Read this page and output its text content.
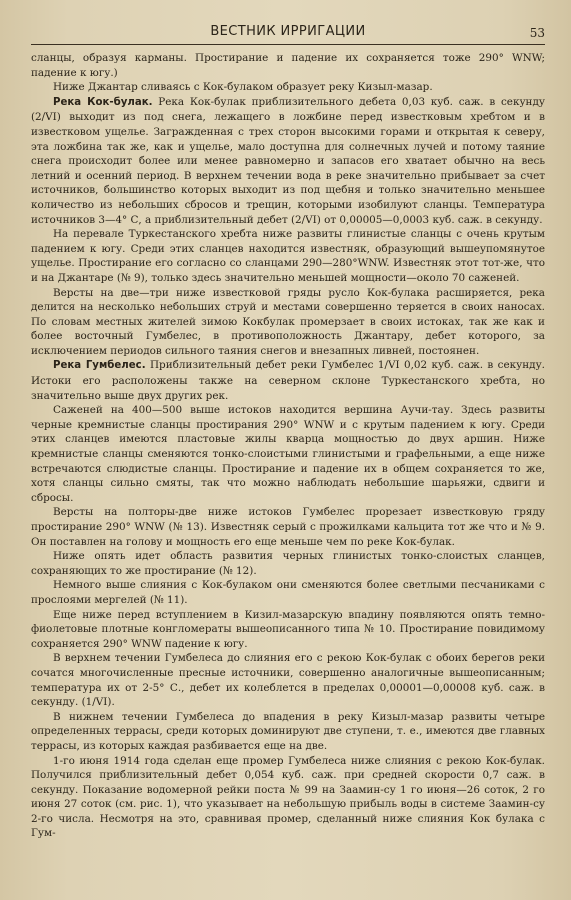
ВЕСТНИК ИРРИГАЦИИ	53

сланцы, образуя карманы. Простирание и падение их сохраняется тоже 290° WNW; падение к югу.)

Ниже Джантар сливаясь с Кок-булаком образует реку Кизыл-мазар.

Река Кок-булак. Река Кок-булак приблизительного дебета 0,03 куб. саж. в секунду (2/VI) выходит из под снега, лежащего в ложбине перед известковым хребтом и в известковом ущелье. Загражденная с трех сторон высокими горами и открытая к северу, эта ложбина так же, как и ущелье, мало доступна для солнечных лучей и потому таяние снега происходит более или менее равномерно и запасов его хватает обычно на весь летний и осенний период. В верхнем течении вода в реке значительно прибывает за счет источников, большинство которых выходит из под щебня и только значительно меньшее количество из небольших сбросов и трещин, которыми изобилуют сланцы. Температура источников 3—4° С, а приблизительный дебет (2/VI) от 0,00005—0,0003 куб. саж. в секунду.

На перевале Туркестанского хребта ниже развиты глинистые сланцы с очень крутым падением к югу. Среди этих сланцев находится известняк, образующий вышеупомянутое ущелье. Простирание его согласно со сланцами 290—280°WNW. Известняк этот тот-же, что и на Джантаре (№ 9), только здесь значительно меньшей мощности—около 70 саженей.

Версты на две—три ниже известковой гряды русло Кок-булака расширяется, река делится на несколько небольших струй и местами совершенно теряется в своих наносах. По словам местных жителей зимою Кокбулак промерзает в своих истоках, так же как и более восточный Гумбелес, в противоположность Джантару, дебет которого, за исключением периодов сильного таяния снегов и внезапных ливней, постоянен.

Река Гумбелес. Приблизительный дебет реки Гумбелес 1/VI 0,02 куб. саж. в секунду. Истоки его расположены также на северном склоне Туркестанского хребта, но значительно выше двух других рек.

Саженей на 400—500 выше истоков находится вершина Аучи-тау. Здесь развиты черные кремнистые сланцы простирания 290° WNW и с крутым падением к югу. Среди этих сланцев имеются пластовые жилы кварца мощностью до двух аршин. Ниже кремнистые сланцы сменяются тонко-слоистыми глинистыми и графельными, а еще ниже встречаются слюдистые сланцы. Простирание и падение их в общем сохраняется то же, хотя сланцы сильно смяты, так что можно наблюдать небольшие шарьяжи, сдвиги и сбросы.

Версты на полторы-две ниже истоков Гумбелес прорезает известковую гряду простирание 290° WNW (№ 13). Известняк серый с прожилками кальцита тот же что и № 9. Он поставлен на голову и мощность его еще меньше чем по реке Кок-булак.

Ниже опять идет область развития черных глинистых тонко-слоистых сланцев, сохраняющих то же простирание (№ 12).

Немного выше слияния с Кок-булаком они сменяются более светлыми песчаниками с прослоями мергелей (№ 11).

Еще ниже перед вступлением в Кизил-мазарскую впадину появляются опять темно-фиолетовые плотные конгломераты вышеописанного типа № 10. Простирание повидимому сохраняется 290° WNW падение к югу.

В верхнем течении Гумбелеса до слияния его с рекою Кок-булак с обоих берегов реки сочатся многочисленные пресные источники, совершенно аналогичные вышеописанным; температура их от 2-5° С., дебет их колеблется в пределах 0,00001—0,00008 куб. саж. в секунду. (1/VI).

В нижнем течении Гумбелеса до впадения в реку Кизыл-мазар развиты четыре определенных террасы, среди которых доминируют две ступени, т. е., имеются две главных террасы, из которых каждая разбивается еще на две.

1-го июня 1914 года сделан еще промер Гумбелеса ниже слияния с рекою Кок-булак. Получился приблизительный дебет 0,054 куб. саж. при средней скорости 0,7 саж. в секунду. Показание водомерной рейки поста № 99 на Заамин-су 1 го июня—26 соток, 2 го июня 27 соток (см. рис. 1), что указывает на небольшую прибыль воды в системе Заамин-су 2-го числа. Несмотря на это, сравнивая промер, сделанный ниже слияния Кок булака с Гум-
